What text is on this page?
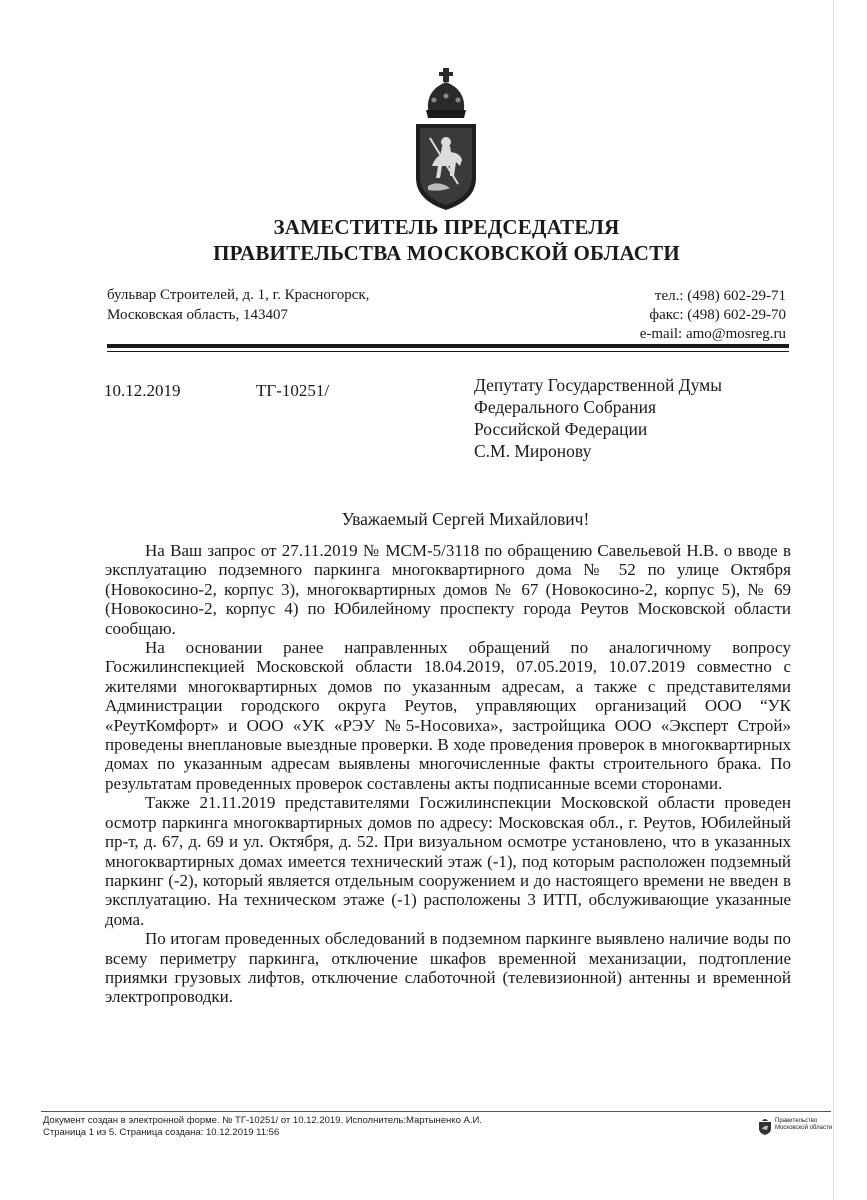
ЗАМЕСТИТЕЛЬ ПРЕДСЕДАТЕЛЯ
ПРАВИТЕЛЬСТВА МОСКОВСКОЙ ОБЛАСТИ
бульвар Строителей, д. 1, г. Красногорск,
Московская область, 143407
тел.: (498) 602-29-71
факс: (498) 602-29-70
e-mail: amo@mosreg.ru
10.12.2019	ТГ-10251/	Депутату Государственной Думы
Федерального Собрания
Российской Федерации
С.М. Миронову
Уважаемый Сергей Михайлович!

На Ваш запрос от 27.11.2019 № МСМ-5/3118 по обращению Савельевой Н.В. о вводе в эксплуатацию подземного паркинга многоквартирного дома № 52 по улице Октября (Новокосино-2, корпус 3), многоквартирных домов № 67 (Новокосино-2, корпус 5), № 69 (Новокосино-2, корпус 4) по Юбилейному проспекту города Реутов Московской области сообщаю.

На основании ранее направленных обращений по аналогичному вопросу Госжилинспекцией Московской области 18.04.2019, 07.05.2019, 10.07.2019 совместно с жителями многоквартирных домов по указанным адресам, а также с представителями Администрации городского округа Реутов, управляющих организаций ООО “УК «РеутКомфорт» и ООО «УК «РЭУ №5-Носовиха», застройщика ООО «Эксперт Строй» проведены внеплановые выездные проверки. В ходе проведения проверок в многоквартирных домах по указанным адресам выявлены многочисленные факты строительного брака. По результатам проведенных проверок составлены акты подписанные всеми сторонами.

Также 21.11.2019 представителями Госжилинспекции Московской области проведен осмотр паркинга многоквартирных домов по адресу: Московская обл., г. Реутов, Юбилейный пр-т, д. 67, д. 69 и ул. Октября, д. 52. При визуальном осмотре установлено, что в указанных многоквартирных домах имеется технический этаж (-1), под которым расположен подземный паркинг (-2), который является отдельным сооружением и до настоящего времени не введен в эксплуатацию. На техническом этаже (-1) расположены 3 ИТП, обслуживающие указанные дома.

По итогам проведенных обследований в подземном паркинге выявлено наличие воды по всему периметру паркинга, отключение шкафов временной механизации, подтопление приямки грузовых лифтов, отключение слаботочной (телевизионной) антенны и временной электропроводки.

Документ создан в электронной форме. № ТГ-10251/ от 10.12.2019. Исполнитель:Мартыненко А.И.
Страница 1 из 5. Страница создана: 10.12.2019 11:56
Правительство
Московской области
